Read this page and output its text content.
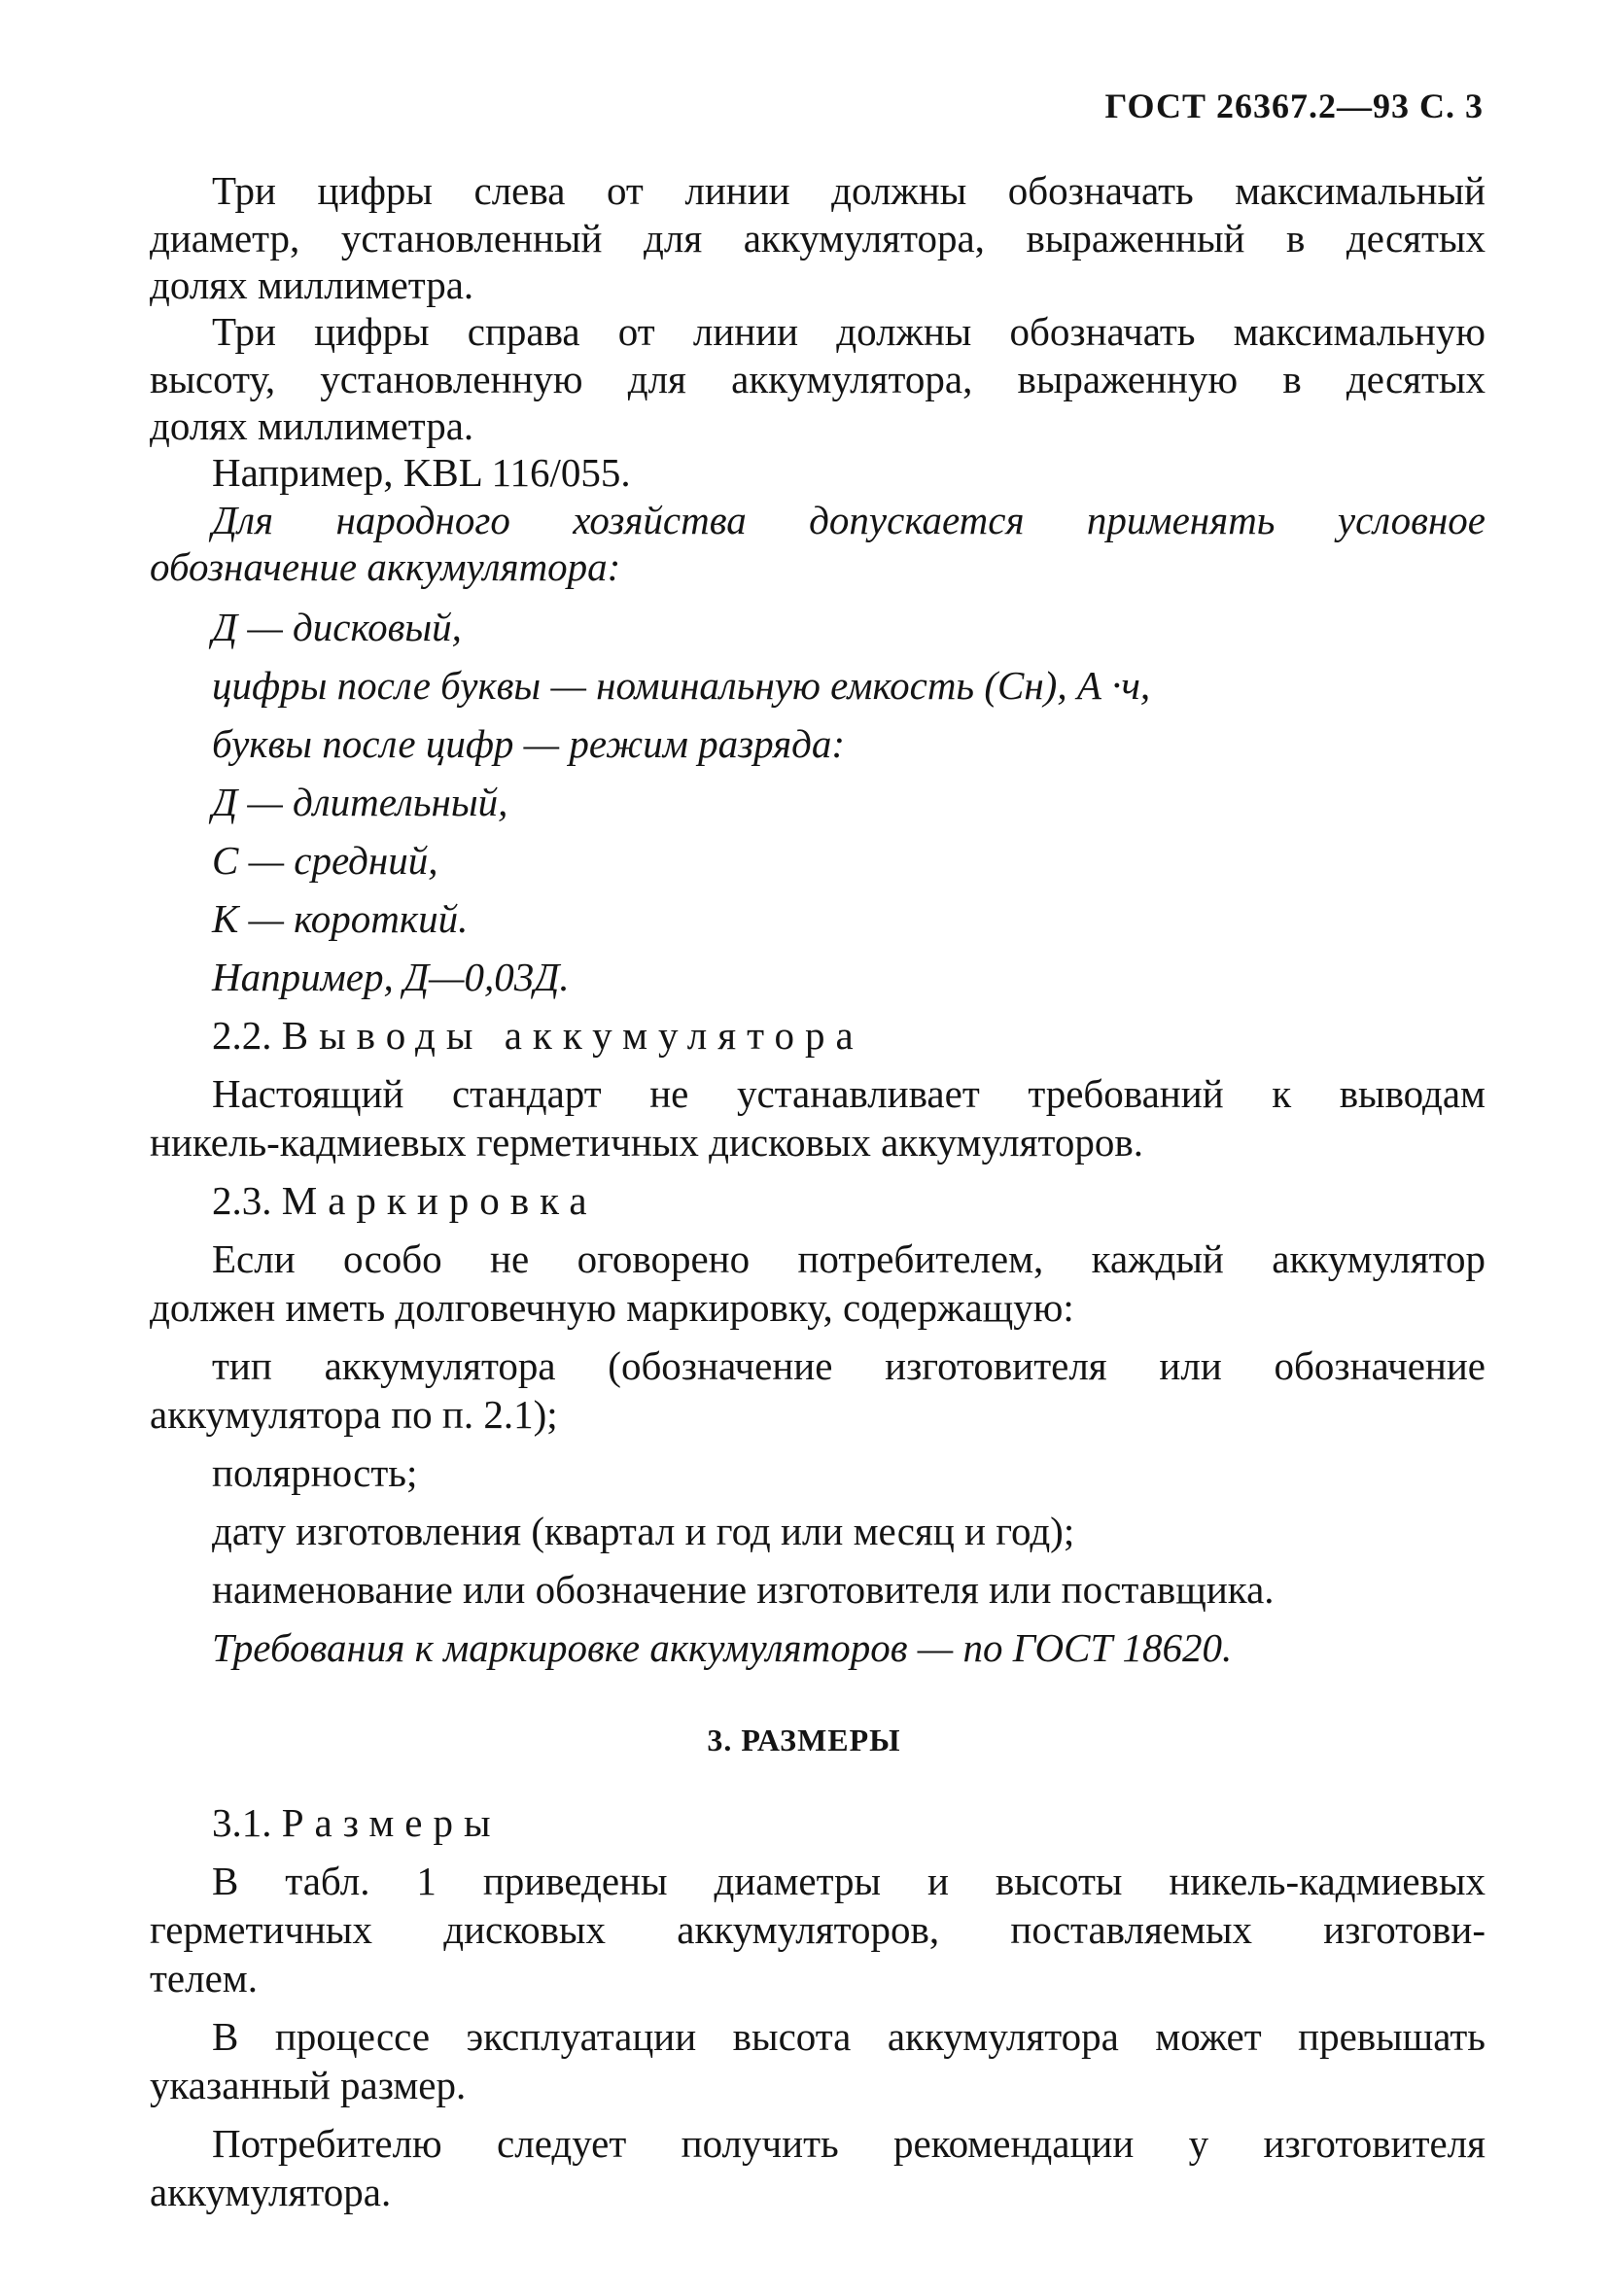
ГОСТ 26367.2—93 С. 3
Три цифры слева от линии должны обозначать максимальный
диаметр, установленный для аккумулятора, выраженный в десятых
долях миллиметра.
Три цифры справа от линии должны обозначать максимальную
высоту, установленную для аккумулятора, выраженную в десятых
долях миллиметра.
Например, KBL 116/055.
Для народного хозяйства допускается применять условное
обозначение аккумулятора:
Д — дисковый,
цифры после буквы — номинальную емкость (Cн), А ·ч,
буквы после цифр — режим разряда:
Д — длительный,
С — средний,
К — короткий.
Например, Д—0,03Д.
2.2. Выводы аккумулятора
Настоящий стандарт не устанавливает требований к выводам
никель-кадмиевых герметичных дисковых аккумуляторов.
2.3. Маркировка
Если особо не оговорено потребителем, каждый аккумулятор
должен иметь долговечную маркировку, содержащую:
тип аккумулятора (обозначение изготовителя или обозначение
аккумулятора по п. 2.1);
полярность;
дату изготовления (квартал и год или месяц и год);
наименование или обозначение изготовителя или поставщика.
Требования к маркировке аккумуляторов — по ГОСТ 18620.
3. РАЗМЕРЫ
3.1. Размеры
В табл. 1 приведены диаметры и высоты никель-кадмиевых
герметичных дисковых аккумуляторов, поставляемых изготови-
телем.
В процессе эксплуатации высота аккумулятора может превышать
указанный размер.
Потребителю следует получить рекомендации у изготовителя
аккумулятора.
